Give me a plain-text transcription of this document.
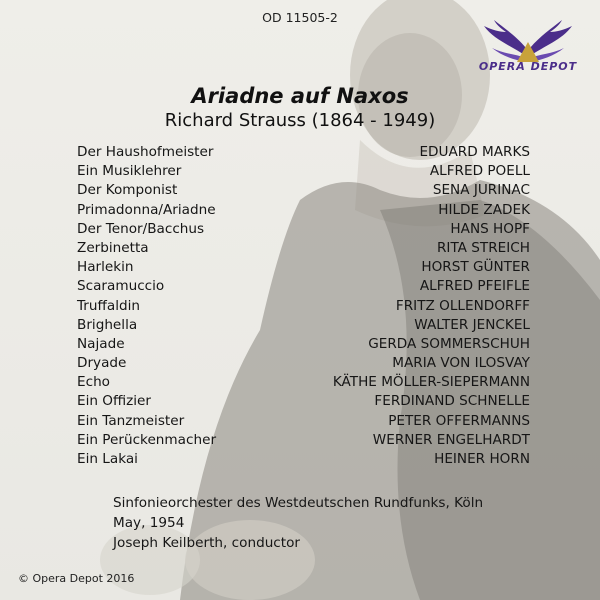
OD 11505-2
OPERA DEPOT
Ariadne auf Naxos
Richard Strauss (1864 - 1949)
Der Haushofmeister	EDUARD MARKS
Ein Musiklehrer	ALFRED POELL
Der Komponist	SENA JURINAC
Primadonna/Ariadne	HILDE ZADEK
Der Tenor/Bacchus	HANS HOPF
Zerbinetta	RITA STREICH
Harlekin	HORST GÜNTER
Scaramuccio	ALFRED PFEIFLE
Truffaldin	FRITZ OLLENDORFF
Brighella	WALTER JENCKEL
Najade	GERDA SOMMERSCHUH
Dryade	MARIA VON ILOSVAY
Echo	KÄTHE MÖLLER-SIEPERMANN
Ein Offizier	FERDINAND SCHNELLE
Ein Tanzmeister	PETER OFFERMANNS
Ein Perückenmacher	WERNER ENGELHARDT
Ein Lakai	HEINER HORN
Sinfonieorchester des Westdeutschen Rundfunks, Köln
May, 1954
Joseph Keilberth, conductor
© Opera Depot 2016
